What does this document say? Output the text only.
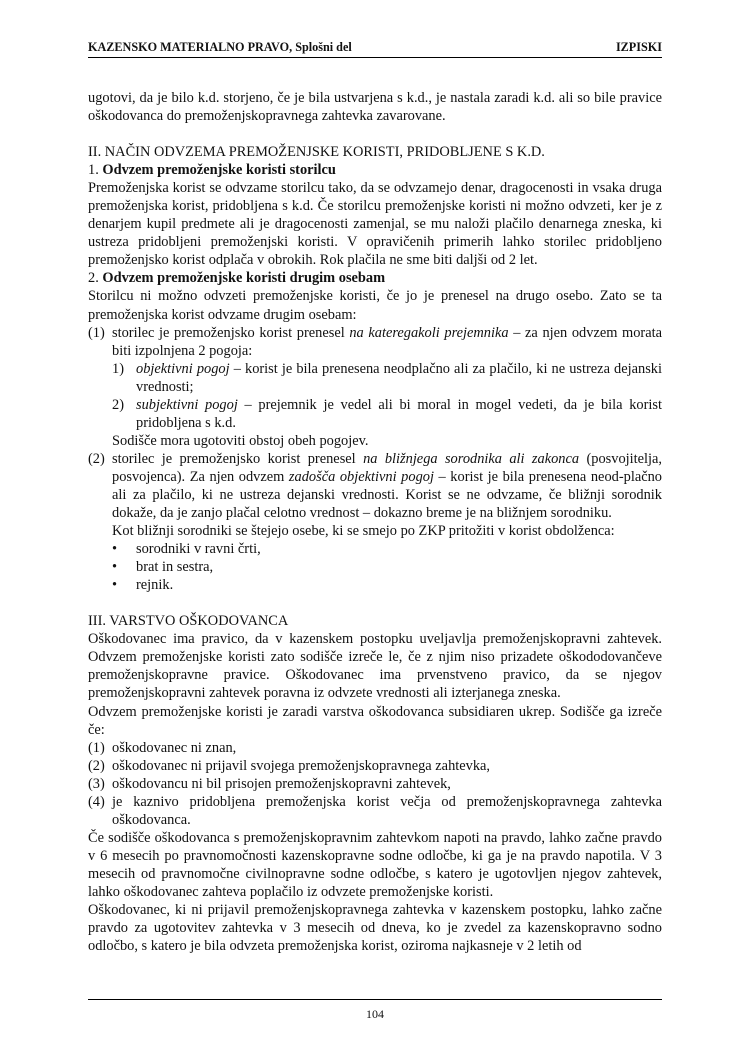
KAZENSKO MATERIALNO PRAVO, Splošni del	IZPISKI

ugotovi, da je bilo k.d. storjeno, če je bila ustvarjena s k.d., je nastala zaradi k.d. ali so bile pravice oškodovanca do premoženjskopravnega zahtevka zavarovane.

II. NAČIN ODVZEMA PREMOŽENJSKE KORISTI, PRIDOBLJENE S K.D.

1. Odvzem premoženjske koristi storilcu

Premoženjska korist se odvzame storilcu tako, da se odvzamejo denar, dragocenosti in vsaka druga premoženjska korist, pridobljena s k.d. Če storilcu premoženjske koristi ni možno odvzeti, ker je z denarjem kupil predmete ali je dragocenosti zamenjal, se mu naloži plačilo denarnega zneska, ki ustreza pridobljeni premoženjski koristi. V opravičenih primerih lahko storilec pridobljeno premoženjsko korist odplača v obrokih. Rok plačila ne sme biti daljši od 2 let.

2. Odvzem premoženjske koristi drugim osebam

Storilcu ni možno odvzeti premoženjske koristi, če jo je prenesel na drugo osebo. Zato se ta premoženjska korist odvzame drugim osebam:

(1) storilec je premoženjsko korist prenesel na kateregakoli prejemnika – za njen odvzem morata biti izpolnjena 2 pogoja:
1) objektivni pogoj – korist je bila prenesena neodplačno ali za plačilo, ki ne ustreza dejanski vrednosti;
2) subjektivni pogoj – prejemnik je vedel ali bi moral in mogel vedeti, da je bila korist pridobljena s k.d.

Sodišče mora ugotoviti obstoj obeh pogojev.

(2) storilec je premoženjsko korist prenesel na bližnjega sorodnika ali zakonca (posvojitelja, posvojenca). Za njen odvzem zadošča objektivni pogoj – korist je bila prenesena neod-plačno ali za plačilo, ki ne ustreza dejanski vrednosti. Korist se ne odvzame, če bližnji sorodnik dokaže, da je zanjo plačal celotno vrednost – dokazno breme je na bližnjem sorodniku.

Kot bližnji sorodniki se štejejo osebe, ki se smejo po ZKP pritožiti v korist obdolženca:

• sorodniki v ravni črti,
• brat in sestra,
• rejnik.

III. VARSTVO OŠKODOVANCA

Oškodovanec ima pravico, da v kazenskem postopku uveljavlja premoženjskopravni zahtevek. Odvzem premoženjske koristi zato sodišče izreče le, če z njim niso prizadete oškododovančeve premoženjskopravne pravice. Oškodovanec ima prvenstveno pravico, da se njegov premoženjskopravni zahtevek poravna iz odvzete vrednosti ali izterjanega zneska.

Odvzem premoženjske koristi je zaradi varstva oškodovanca subsidiaren ukrep. Sodišče ga izreče če:

(1) oškodovanec ni znan,
(2) oškodovanec ni prijavil svojega premoženjskopravnega zahtevka,
(3) oškodovancu ni bil prisojen premoženjskopravni zahtevek,
(4) je kaznivo pridobljena premoženjska korist večja od premoženjskopravnega zahtevka oškodovanca.

Če sodišče oškodovanca s premoženjskopravnim zahtevkom napoti na pravdo, lahko začne pravdo v 6 mesecih po pravnomočnosti kazenskopravne sodne odločbe, ki ga je na pravdo napotila. V 3 mesecih od pravnomočne civilnopravne sodne odločbe, s katero je ugotovljen njegov zahtevek, lahko oškodovanec zahteva poplačilo iz odvzete premoženjske koristi.

Oškodovanec, ki ni prijavil premoženjskopravnega zahtevka v kazenskem postopku, lahko začne pravdo za ugotovitev zahtevka v 3 mesecih od dneva, ko je zvedel za kazenskopravno sodno odločbo, s katero je bila odvzeta premoženjska korist, oziroma najkasneje v 2 letih od

104
